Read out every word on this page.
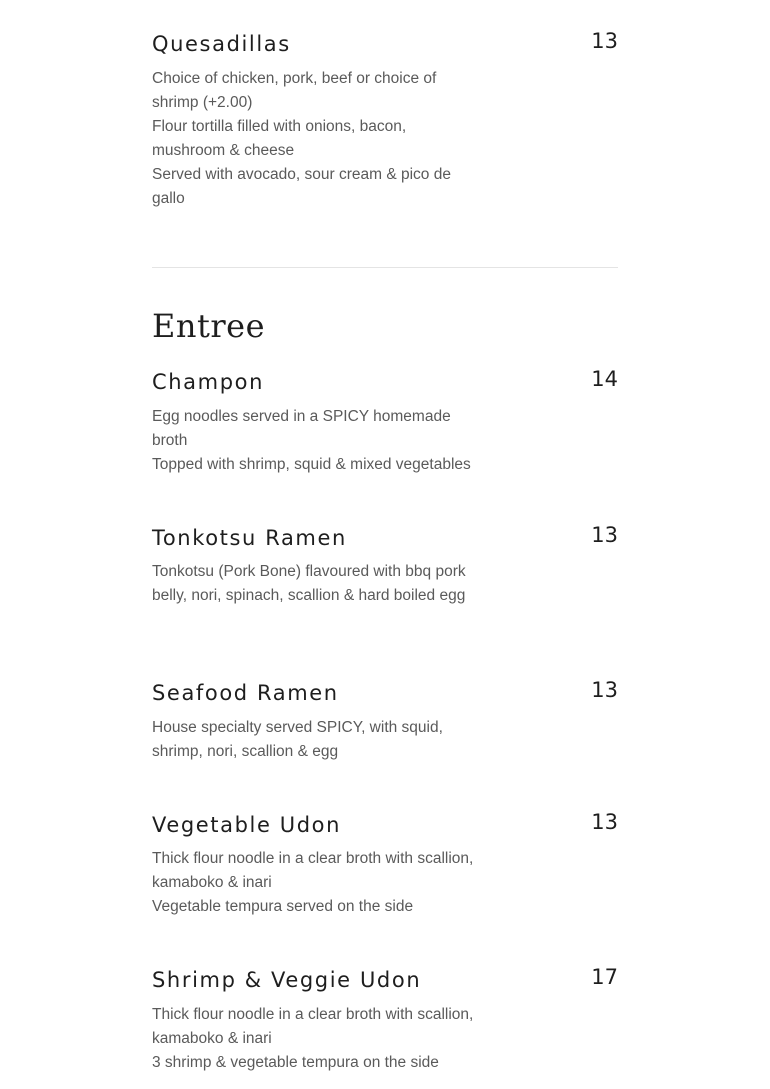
Quesadillas	13
Choice of chicken, pork, beef or choice of
shrimp (+2.00)
Flour tortilla filled with onions, bacon,
mushroom & cheese
Served with avocado, sour cream & pico de
gallo
Entree
Champon	14
Egg noodles served in a SPICY homemade
broth
Topped with shrimp, squid & mixed vegetables
Tonkotsu Ramen	13
Tonkotsu (Pork Bone) flavoured with bbq pork
belly, nori, spinach, scallion & hard boiled egg
Seafood Ramen	13
House specialty served SPICY, with squid,
shrimp, nori, scallion & egg
Vegetable Udon	13
Thick flour noodle in a clear broth with scallion,
kamaboko & inari
Vegetable tempura served on the side
Shrimp & Veggie Udon	17
Thick flour noodle in a clear broth with scallion,
kamaboko & inari
3 shrimp & vegetable tempura on the side
